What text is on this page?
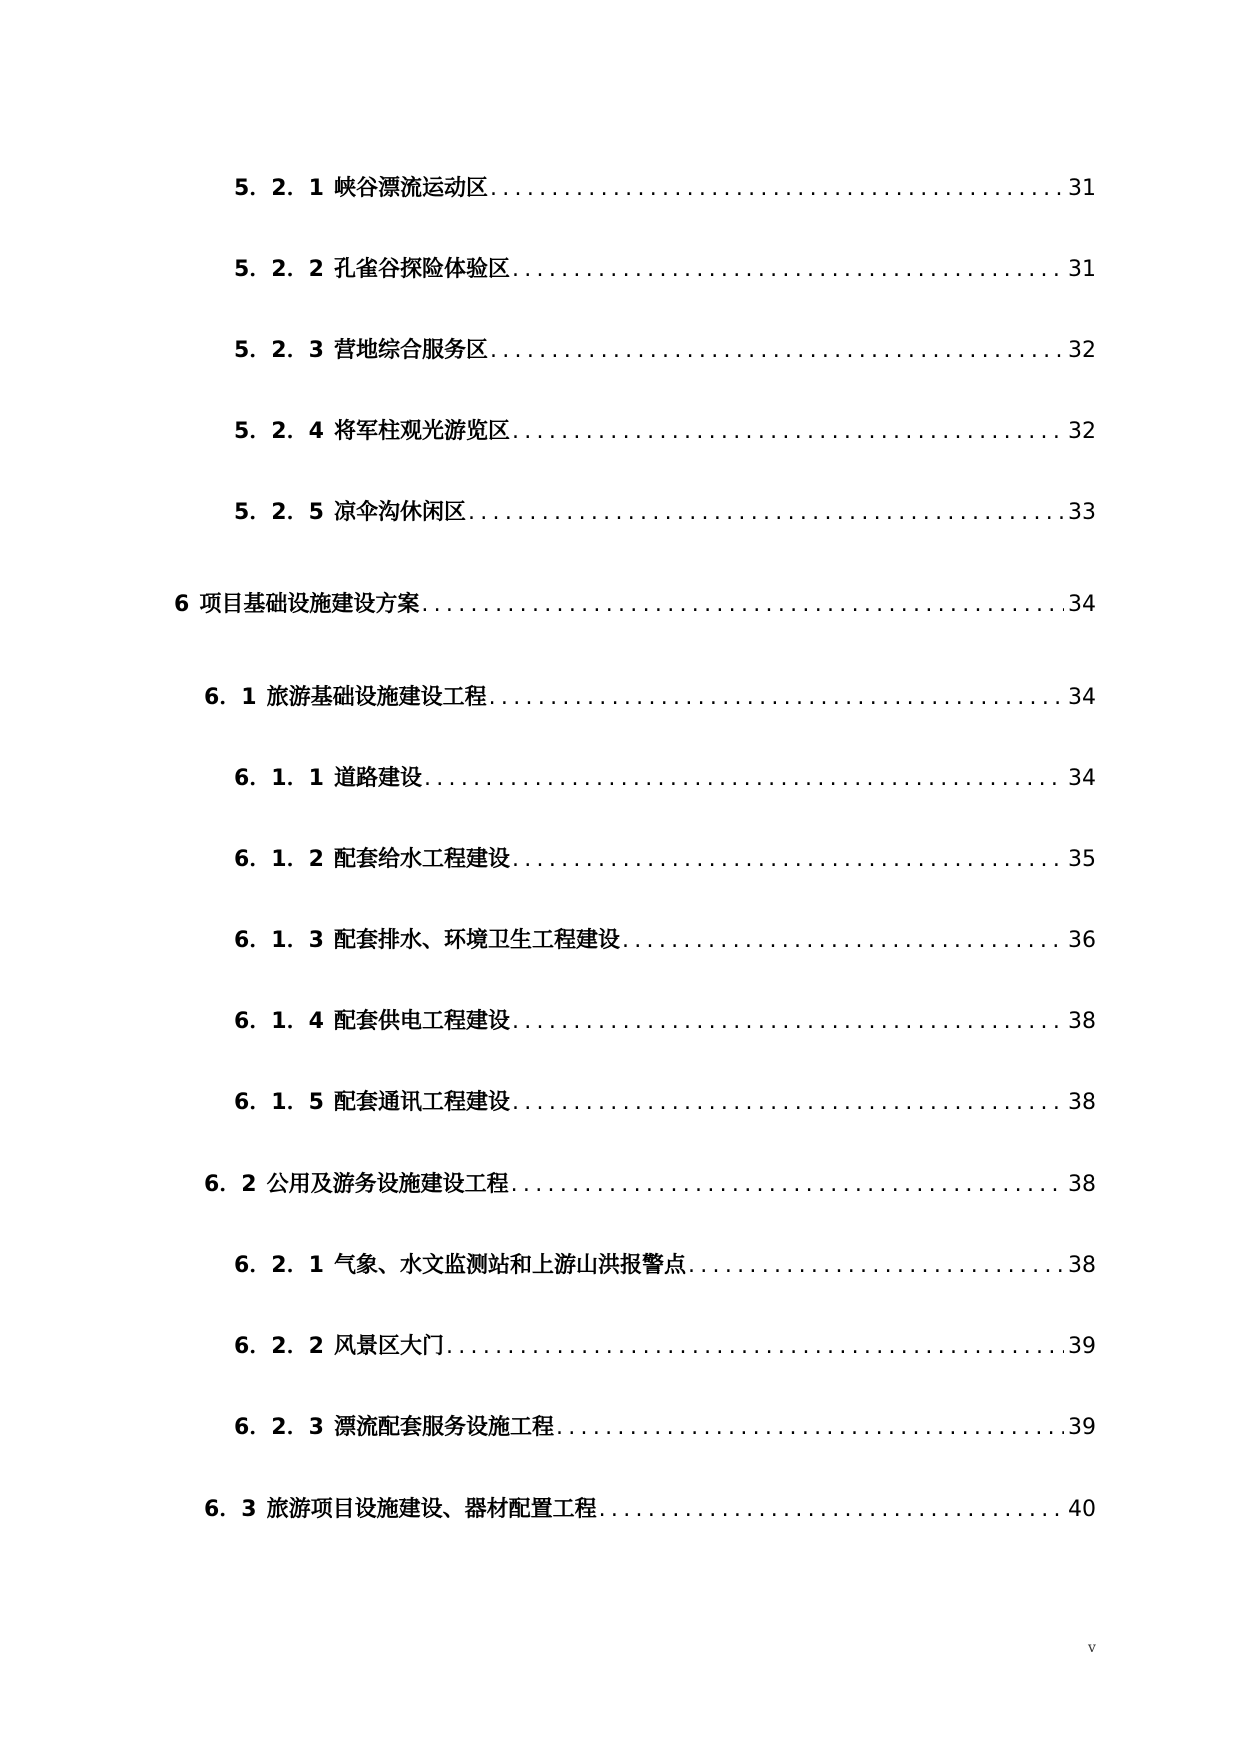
5．2．1 峡谷漂流运动区 .....	31
5．2．2 孔雀谷探险体验区 .....	31
5．2．3 营地综合服务区 .....	32
5．2．4 将军柱观光游览区 .....	32
5．2．5 凉伞沟休闲区 .....	33
6 项目基础设施建设方案 .....	34
6．1 旅游基础设施建设工程 .....	34
6．1．1 道路建设 .....	34
6．1．2 配套给水工程建设 .....	35
6．1．3 配套排水、环境卫生工程建设 .....	36
6．1．4 配套供电工程建设 .....	38
6．1．5 配套通讯工程建设 .....	38
6．2 公用及游务设施建设工程 .....	38
6．2．1 气象、水文监测站和上游山洪报警点 .....	38
6．2．2 风景区大门 .....	39
6．2．3 漂流配套服务设施工程 .....	39
6．3 旅游项目设施建设、器材配置工程 .....	40
v
